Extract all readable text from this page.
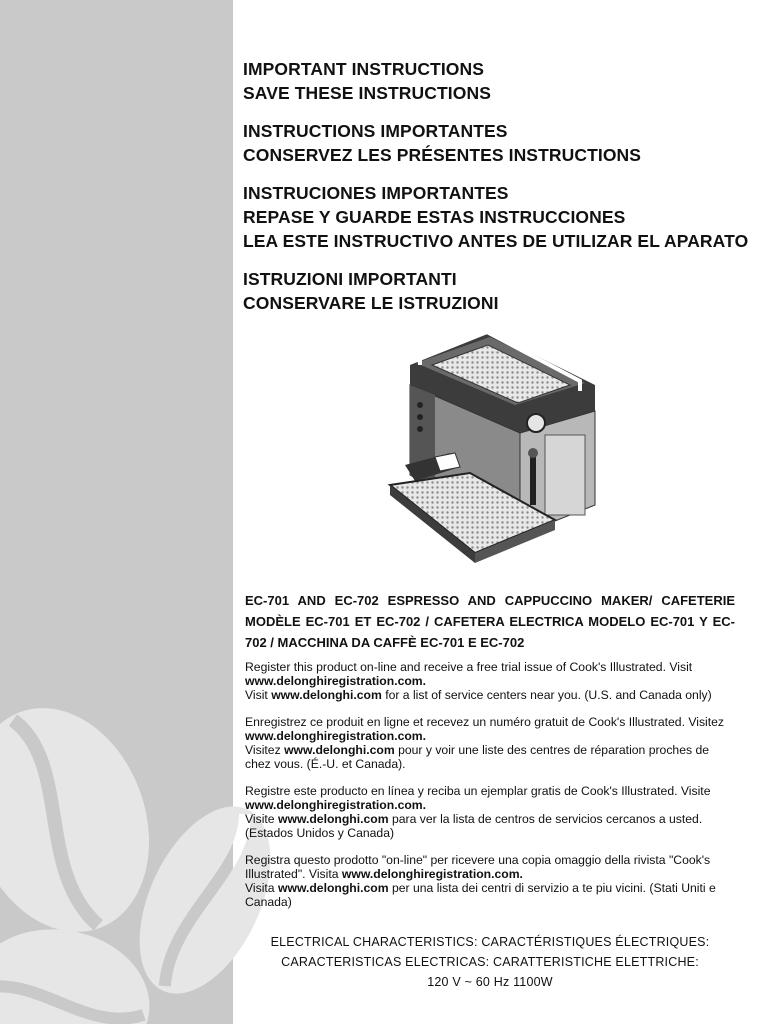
IMPORTANT INSTRUCTIONS
SAVE THESE INSTRUCTIONS
INSTRUCTIONS IMPORTANTES
CONSERVEZ LES PRÉSENTES INSTRUCTIONS
INSTRUCIONES IMPORTANTES
REPASE Y GUARDE ESTAS INSTRUCCIONES
LEA ESTE INSTRUCTIVO ANTES DE UTILIZAR EL APARATO
ISTRUZIONI IMPORTANTI
CONSERVARE LE ISTRUZIONI
EC-701 AND EC-702 ESPRESSO AND CAPPUCCINO MAKER/ CAFETERIE MODÈLE EC-701 ET EC-702 / CAFETERA ELECTRICA MODELO EC-701 Y EC-702 / MACCHINA DA CAFFÈ EC-701 E EC-702
Register this product on-line and receive a free trial issue of Cook's Illustrated. Visit www.delonghiregistration.com.
Visit www.delonghi.com for a list of service centers near you. (U.S. and Canada only)
Enregistrez ce produit en ligne et recevez un numéro gratuit de Cook's Illustrated. Visitez www.delonghiregistration.com.
Visitez www.delonghi.com pour y voir une liste des centres de réparation proches de chez vous. (É.-U. et Canada).
Registre este producto en línea y reciba un ejemplar gratis de Cook's Illustrated. Visite www.delonghiregistration.com.
Visite www.delonghi.com para ver la lista de centros de servicios cercanos a usted. (Estados Unidos y Canada)
Registra questo prodotto "on-line" per ricevere una copia omaggio della rivista "Cook's Illustrated". Visita www.delonghiregistration.com.
Visita www.delonghi.com per una lista dei centri di servizio a te piu vicini. (Stati Uniti e Canada)
ELECTRICAL CHARACTERISTICS: CARACTÉRISTIQUES ÉLECTRIQUES:
CARACTERISTICAS ELECTRICAS: CARATTERISTICHE ELETTRICHE:
120 V ~ 60 Hz 1100W
